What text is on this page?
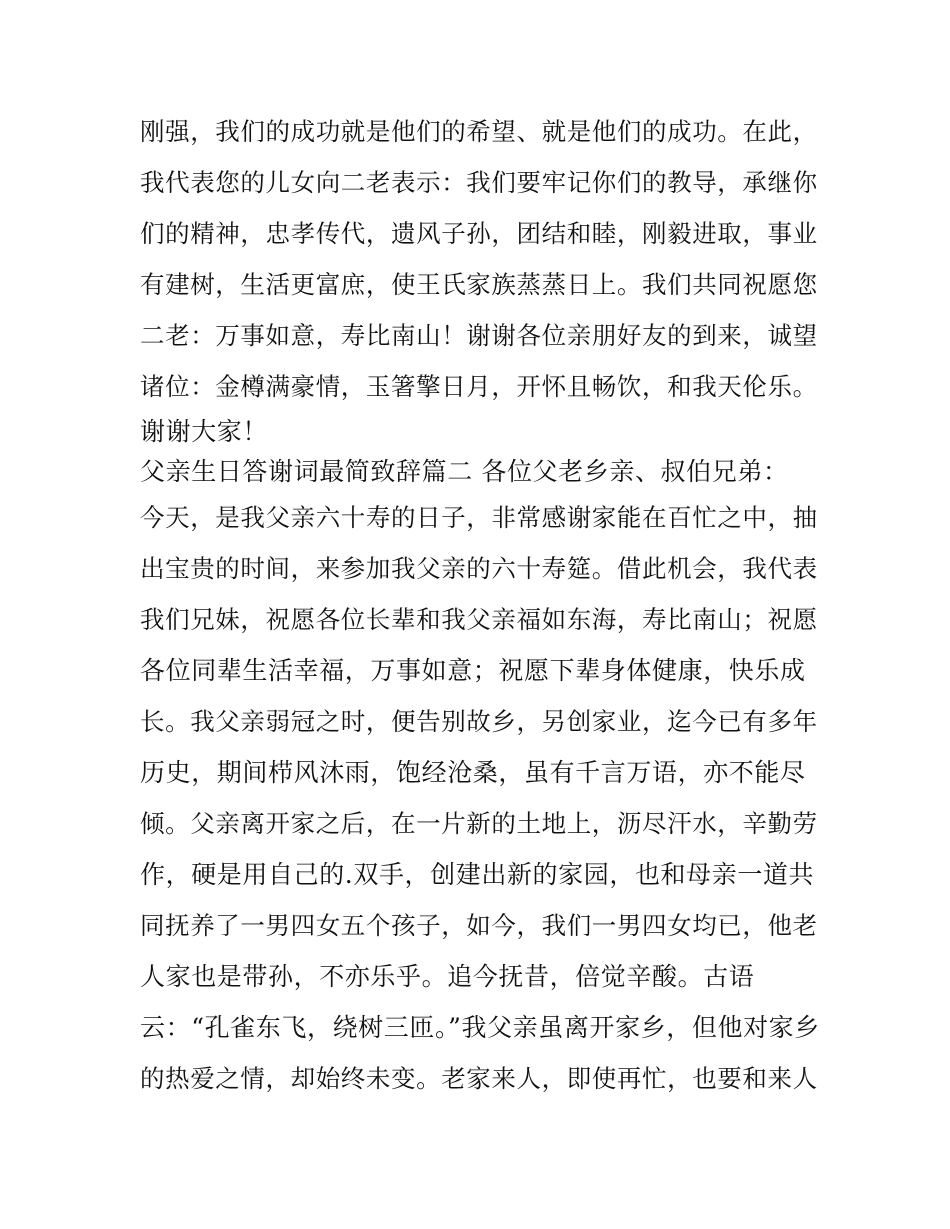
刚强，我们的成功就是他们的希望、就是他们的成功。在此，

我代表您的儿女向二老表示：我们要牢记你们的教导，承继你

们的精神，忠孝传代，遗风子孙，团结和睦，刚毅进取，事业

有建树，生活更富庶，使王氏家族蒸蒸日上。我们共同祝愿您

二老：万事如意，寿比南山！谢谢各位亲朋好友的到来，诚望

诸位：金樽满豪情，玉箸擎日月，开怀且畅饮，和我天伦乐。

谢谢大家！

父亲生日答谢词最简致辞篇二 各位父老乡亲、叔伯兄弟：

今天，是我父亲六十寿的日子，非常感谢家能在百忙之中，抽

出宝贵的时间，来参加我父亲的六十寿筵。借此机会，我代表

我们兄妹，祝愿各位长辈和我父亲福如东海，寿比南山；祝愿

各位同辈生活幸福，万事如意；祝愿下辈身体健康，快乐成

长。我父亲弱冠之时，便告别故乡，另创家业，迄今已有多年

历史，期间栉风沐雨，饱经沧桑，虽有千言万语，亦不能尽

倾。父亲离开家之后，在一片新的土地上，沥尽汗水，辛勤劳

作，硬是用自己的.双手，创建出新的家园，也和母亲一道共

同抚养了一男四女五个孩子，如今，我们一男四女均已，他老

人家也是带孙，不亦乐乎。追今抚昔，倍觉辛酸。古语

云：“孔雀东飞，绕树三匝。”我父亲虽离开家乡，但他对家乡

的热爱之情，却始终未变。老家来人，即使再忙，也要和来人
